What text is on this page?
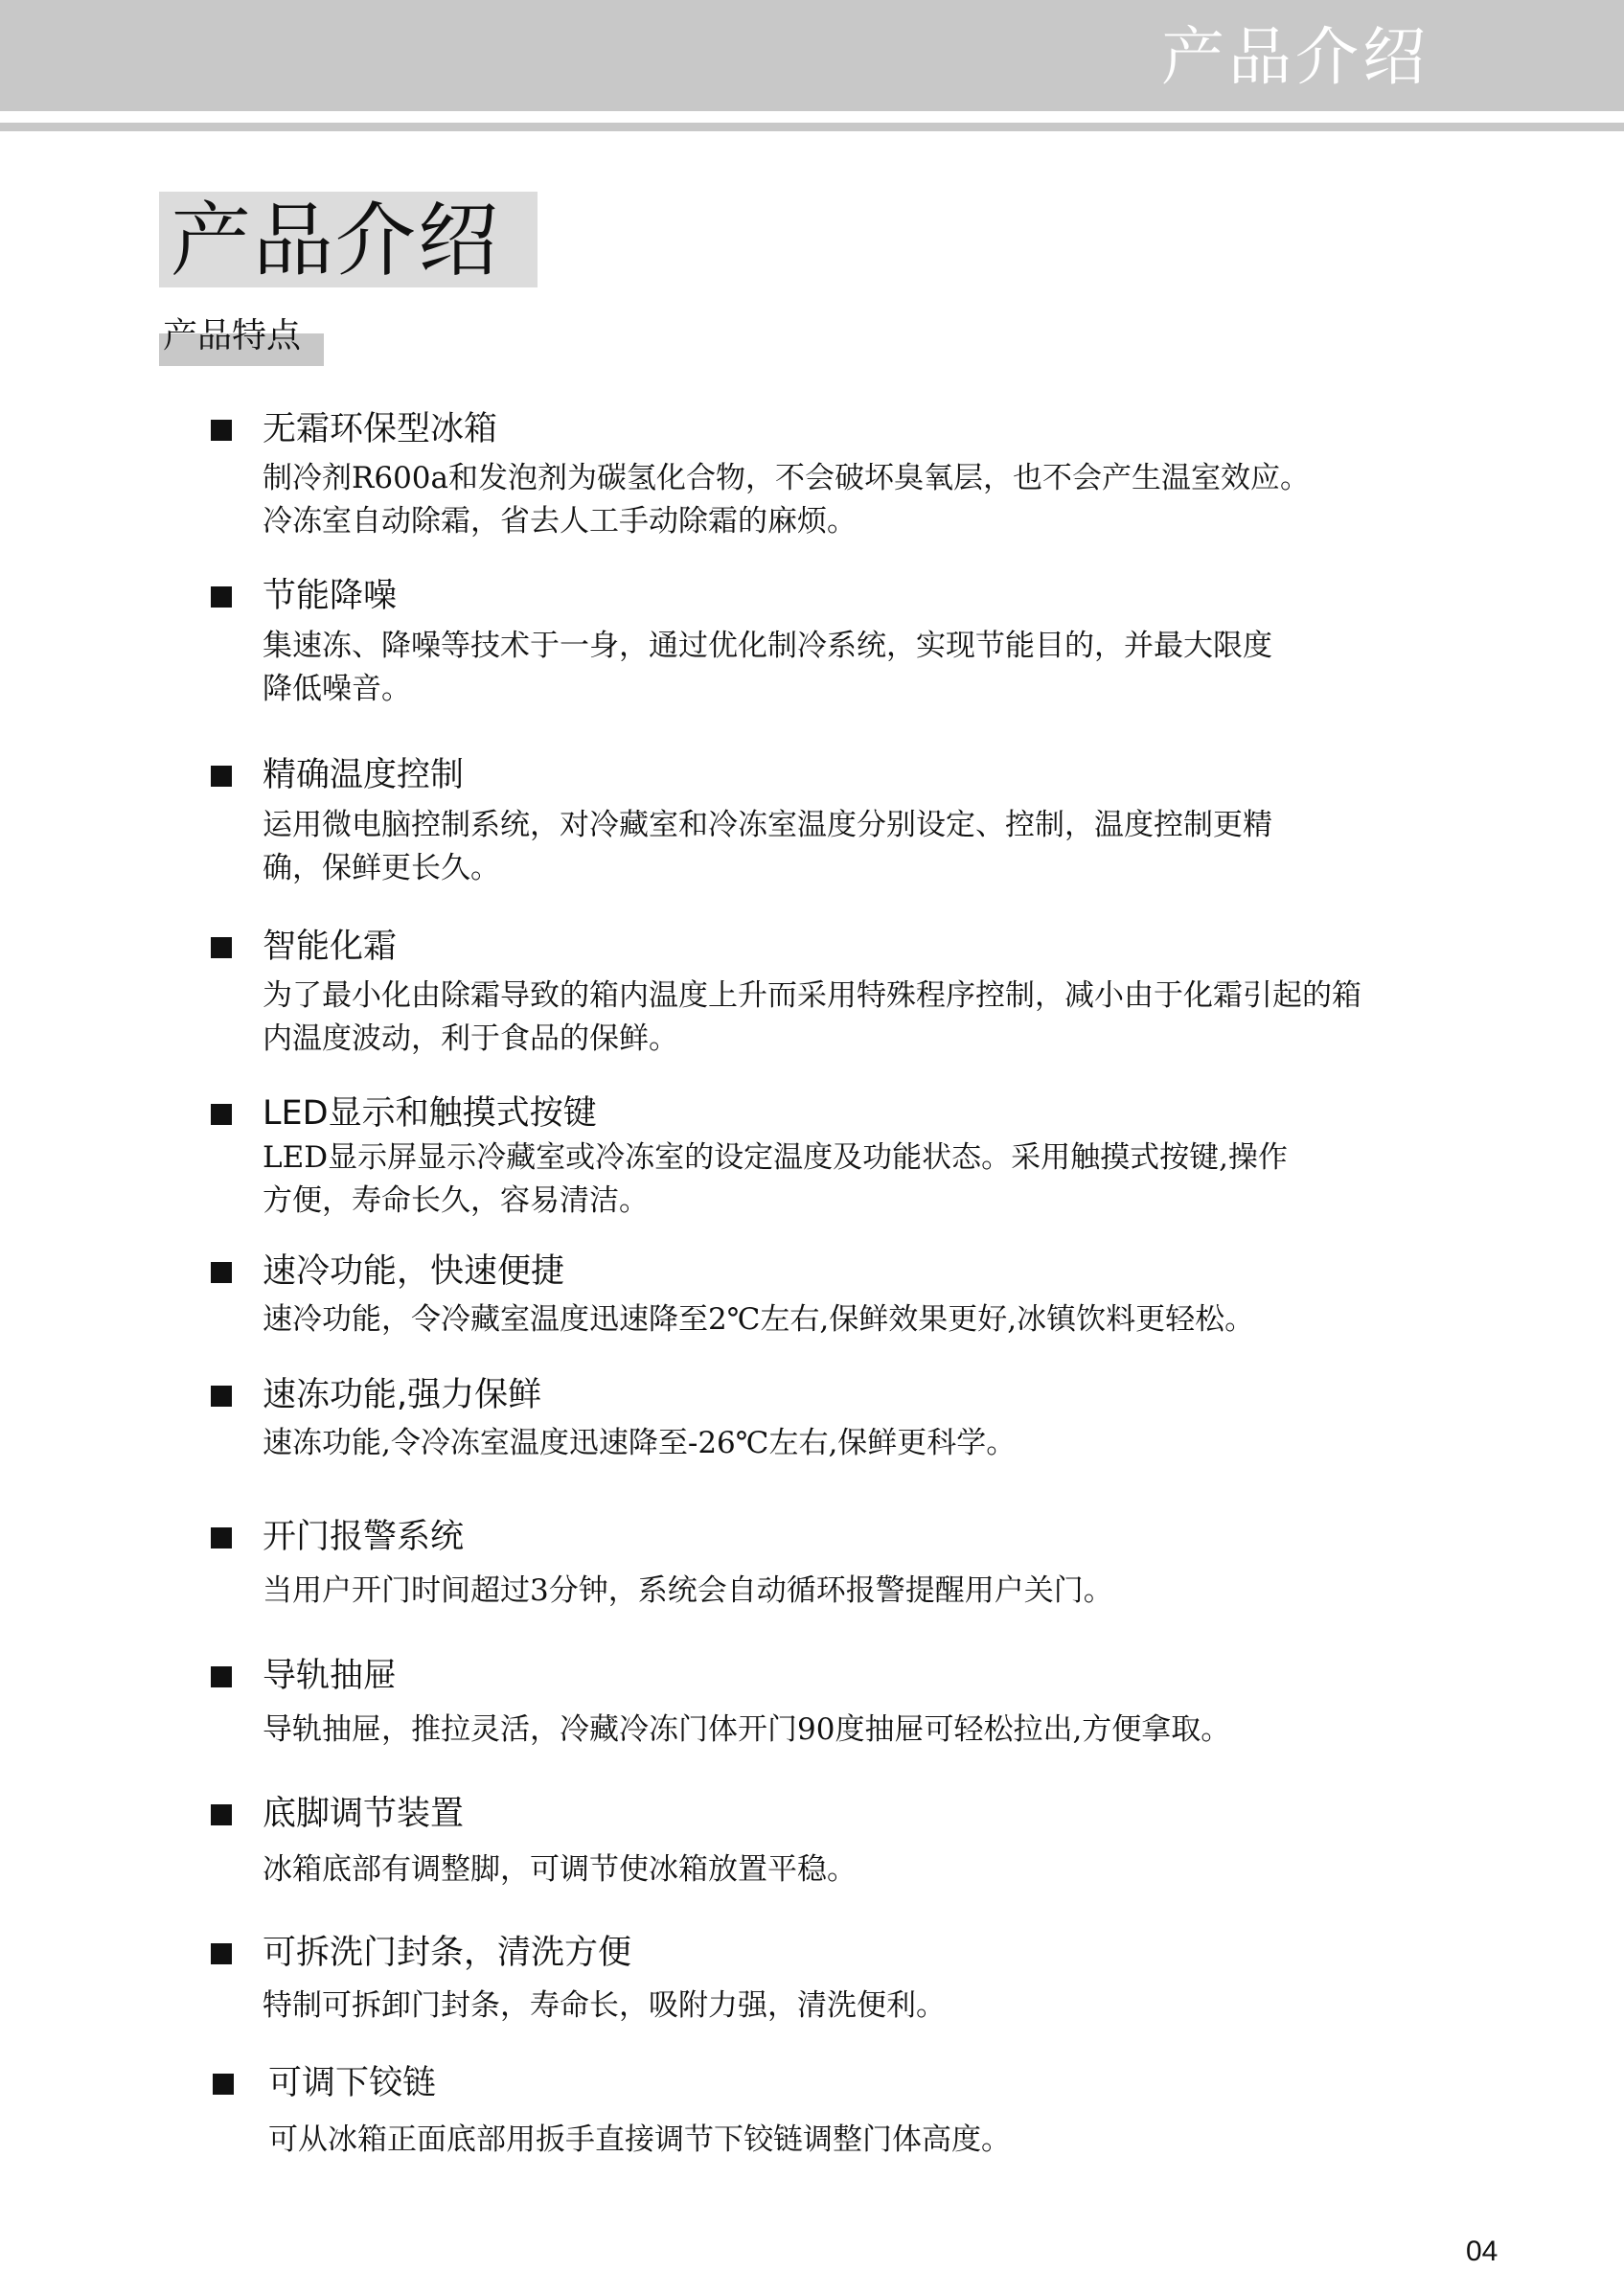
产品介绍
产品介绍
产品特点
无霜环保型冰箱
制冷剂R600a和发泡剂为碳氢化合物，不会破坏臭氧层，也不会产生温室效应。
冷冻室自动除霜，省去人工手动除霜的麻烦。
节能降噪
集速冻、降噪等技术于一身，通过优化制冷系统，实现节能目的，并最大限度
降低噪音。
精确温度控制
运用微电脑控制系统，对冷藏室和冷冻室温度分别设定、控制，温度控制更精
确，保鲜更长久。
智能化霜
为了最小化由除霜导致的箱内温度上升而采用特殊程序控制，减小由于化霜引起的箱
内温度波动，利于食品的保鲜。
LED显示和触摸式按键
LED显示屏显示冷藏室或冷冻室的设定温度及功能状态。采用触摸式按键,操作
方便，寿命长久，容易清洁。
速冷功能，快速便捷
速冷功能，令冷藏室温度迅速降至2℃左右,保鲜效果更好,冰镇饮料更轻松。
速冻功能,强力保鲜
速冻功能,令冷冻室温度迅速降至-26℃左右,保鲜更科学。
开门报警系统
当用户开门时间超过3分钟，系统会自动循环报警提醒用户关门。
导轨抽屉
导轨抽屉，推拉灵活，冷藏冷冻门体开门90度抽屉可轻松拉出,方便拿取。
底脚调节装置
冰箱底部有调整脚，可调节使冰箱放置平稳。
可拆洗门封条，清洗方便
特制可拆卸门封条，寿命长，吸附力强，清洗便利。
可调下铰链
可从冰箱正面底部用扳手直接调节下铰链调整门体高度。
04
